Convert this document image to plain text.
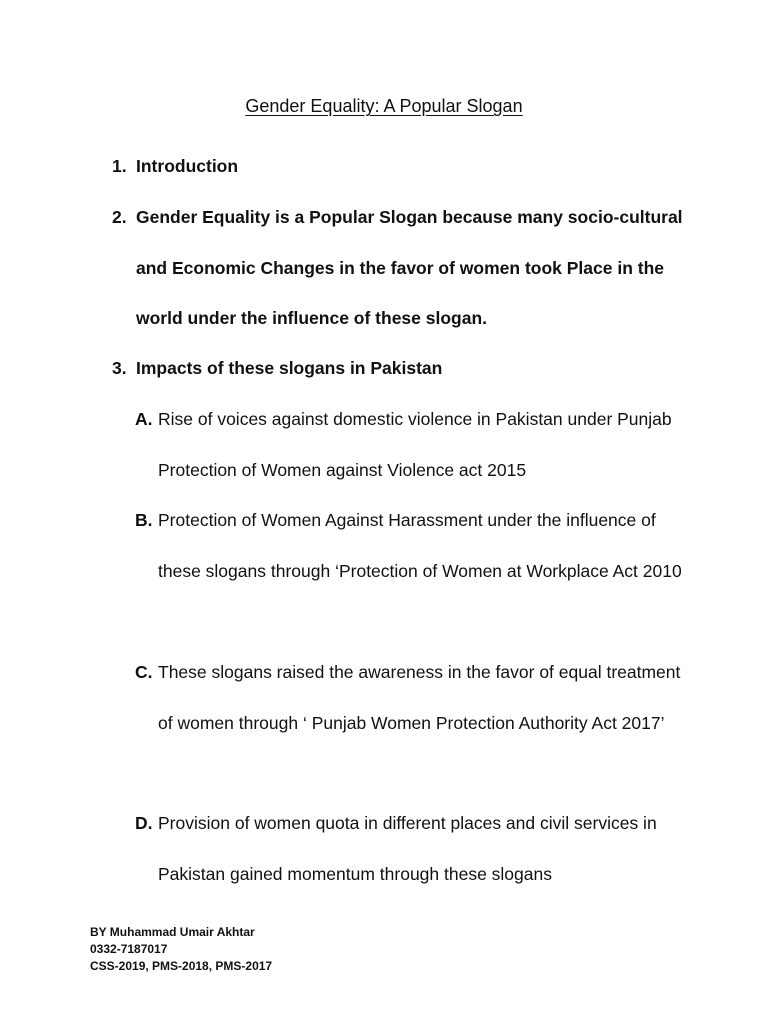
Gender Equality: A Popular Slogan
1. Introduction
2. Gender Equality is a Popular Slogan because many socio-cultural and Economic Changes in the favor of women took Place in the world under the influence of these slogan.
3. Impacts of these slogans in Pakistan
A. Rise of voices against domestic violence in Pakistan under Punjab Protection of Women against Violence act 2015
B. Protection of Women Against Harassment under the influence of these slogans through ‘Protection of Women at Workplace Act 2010
C. These slogans raised the awareness in the favor of equal treatment of women through ‘ Punjab Women Protection Authority Act 2017’
D. Provision of women quota in different places and civil services in Pakistan gained momentum through these slogans
BY Muhammad Umair Akhtar
0332-7187017
CSS-2019, PMS-2018, PMS-2017
